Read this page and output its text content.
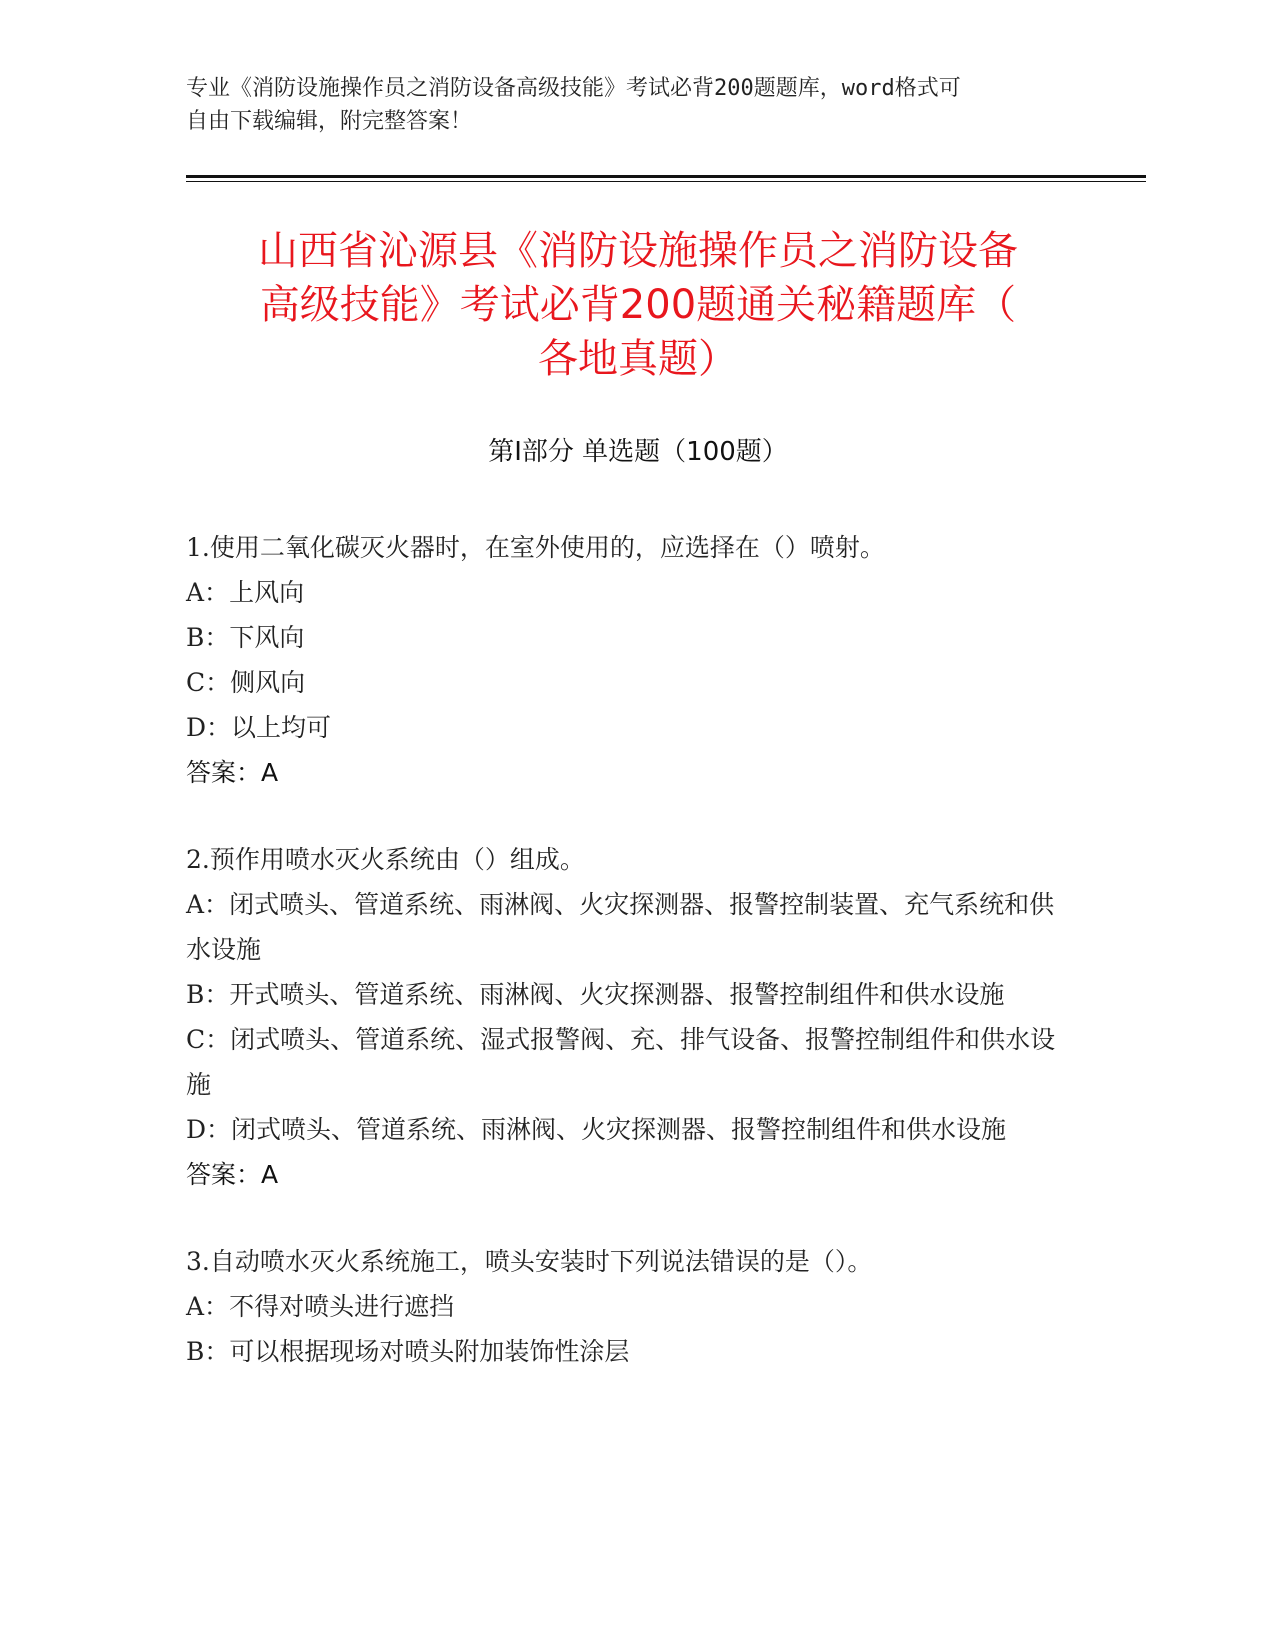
专业《消防设施操作员之消防设备高级技能》考试必背200题题库，word格式可
自由下载编辑，附完整答案！
山西省沁源县《消防设施操作员之消防设备
高级技能》考试必背200题通关秘籍题库（
各地真题）
第Ⅰ部分 单选题（100题）
1.使用二氧化碳灭火器时，在室外使用的，应选择在（）喷射。
A：上风向
B：下风向
C：侧风向
D：以上均可
答案：A
2.预作用喷水灭火系统由（）组成。
A：闭式喷头、管道系统、雨淋阀、火灾探测器、报警控制装置、充气系统和供水设施
B：开式喷头、管道系统、雨淋阀、火灾探测器、报警控制组件和供水设施
C：闭式喷头、管道系统、湿式报警阀、充、排气设备、报警控制组件和供水设施
D：闭式喷头、管道系统、雨淋阀、火灾探测器、报警控制组件和供水设施
答案：A
3.自动喷水灭火系统施工，喷头安装时下列说法错误的是（）。
A：不得对喷头进行遮挡
B：可以根据现场对喷头附加装饰性涂层
